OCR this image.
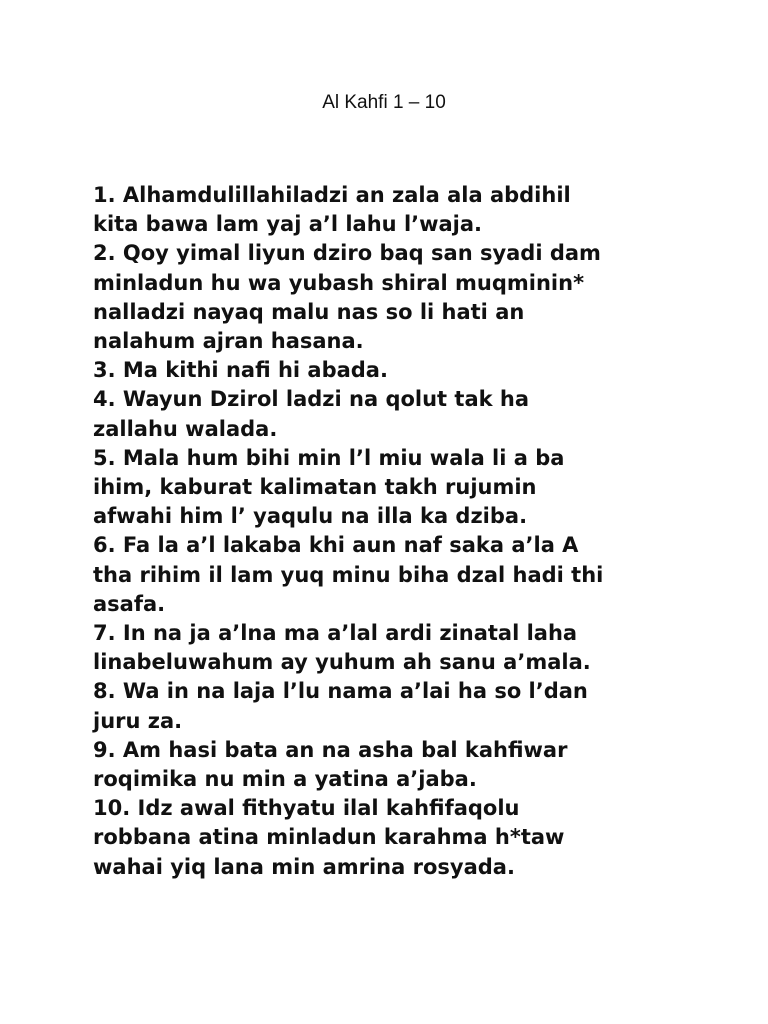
Al Kahfi 1 – 10
1. Alhamdulillahiladzi an zala ala abdihil
kita bawa lam yaj a’l lahu l’waja.
2. Qoy yimal liyun dziro baq san syadi dam
minladun hu wa yubash shiral muqminin*
nalladzi nayaq malu nas so li hati an
nalahum ajran hasana.
3. Ma kithi nafi hi abada.
4. Wayun Dzirol ladzi na qolut tak ha
zallahu walada.
5. Mala hum bihi min l’l miu wala li a ba
ihim, kaburat kalimatan takh rujumin
afwahi him l’ yaqulu na illa ka dziba.
6. Fa la a’l lakaba khi aun naf saka a’la A
tha rihim il lam yuq minu biha dzal hadi thi
asafa.
7. In na ja a’lna ma a’lal ardi zinatal laha
linabeluwahum ay yuhum ah sanu a’mala.
8. Wa in na laja l’lu nama a’lai ha so l’dan
juru za.
9. Am hasi bata an na asha bal kahfiwar
roqimika nu min a yatina a’jaba.
10. Idz awal fithyatu ilal kahfifaqolu
robbana atina minladun karahma h*taw
wahai yiq lana min amrina rosyada.
